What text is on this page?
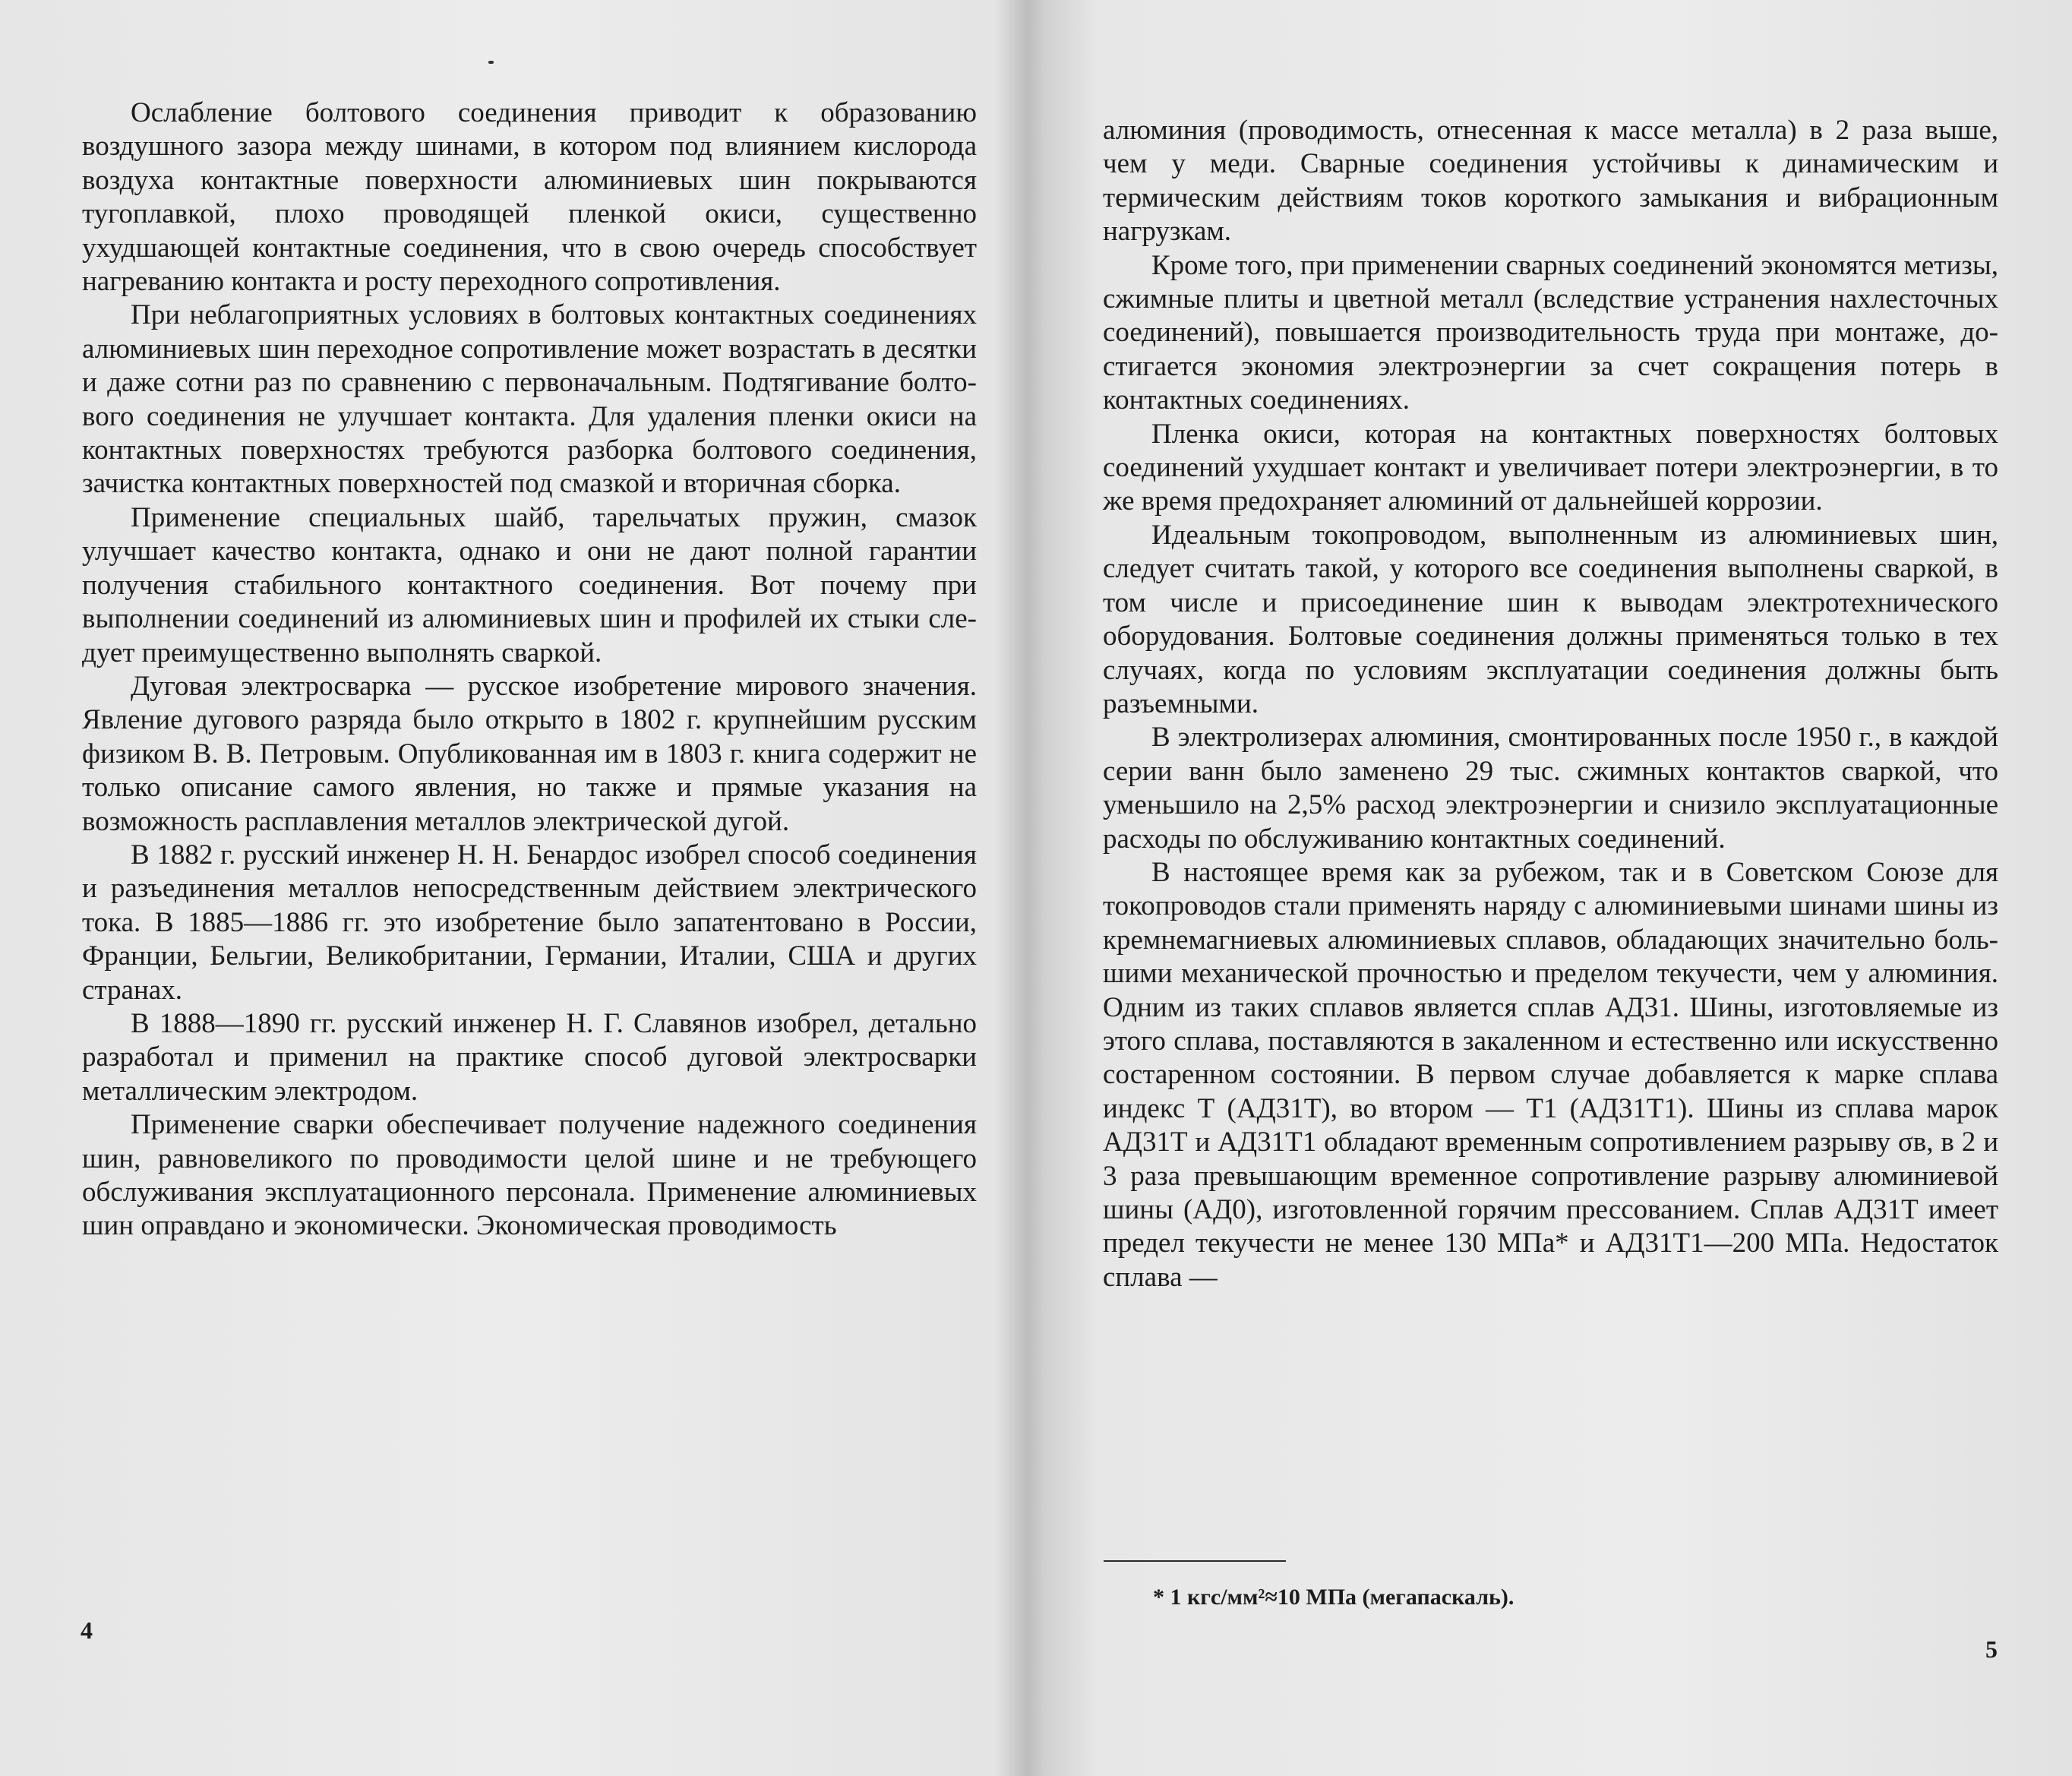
Ослабление болтового соединения приводит к образованию воздушного зазора между шинами, в котором под влиянием кислорода воздуха контактные поверхности алюминиевых шин покрываются тугоплавкой, плохо проводящей пленкой окиси, существенно ухудшающей контактные соединения, что в свою очередь способствует нагреванию контакта и росту переходного сопротивления.

При неблагоприятных условиях в болтовых контактных соединениях алюминиевых шин переходное сопротивление может возрастать в десятки и даже сотни раз по сравнению с первоначальным. Подтягивание болтового соединения не улучшает контакта. Для удаления пленки окиси на контактных поверхностях требуются разборка болтового соединения, зачистка контактных поверхностей под смазкой и вторичная сборка.

Применение специальных шайб, тарельчатых пружин, смазок улучшает качество контакта, однако и они не дают полной гарантии получения стабильного контактного соединения. Вот почему при выполнении соединений из алюминиевых шин и профилей их стыки следует преимущественно выполнять сваркой.

Дуговая электросварка — русское изобретение мирового значения. Явление дугового разряда было открыто в 1802 г. крупнейшим русским физиком В. В. Петровым. Опубликованная им в 1803 г. книга содержит не только описание самого явления, но также и прямые указания на возможность расплавления металлов электрической дугой.

В 1882 г. русский инженер Н. Н. Бенардос изобрел способ соединения и разъединения металлов непосредственным действием электрического тока. В 1885—1886 гг. это изобретение было запатентовано в России, Франции, Бельгии, Великобритании, Германии, Италии, США и других странах.

В 1888—1890 гг. русский инженер Н. Г. Славянов изобрел, детально разработал и применил на практике способ дуговой электросварки металлическим электродом.

Применение сварки обеспечивает получение надежного соединения шин, равновеликого по проводимости целой шине и не требующего обслуживания эксплуатационного персонала. Применение алюминиевых шин оправдано и экономически. Экономическая проводимость

4

алюминия (проводимость, отнесенная к массе металла) в 2 раза выше, чем у меди. Сварные соединения устойчивы к динамическим и термическим действиям токов короткого замыкания и вибрационным нагрузкам.

Кроме того, при применении сварных соединений экономятся метизы, сжимные плиты и цветной металл (вследствие устранения нахлесточных соединений), повышается производительность труда при монтаже, достигается экономия электроэнергии за счет сокращения потерь в контактных соединениях.

Пленка окиси, которая на контактных поверхностях болтовых соединений ухудшает контакт и увеличивает потери электроэнергии, в то же время предохраняет алюминий от дальнейшей коррозии.

Идеальным токопроводом, выполненным из алюминиевых шин, следует считать такой, у которого все соединения выполнены сваркой, в том числе и присоединение шин к выводам электротехнического оборудования. Болтовые соединения должны применяться только в тех случаях, когда по условиям эксплуатации соединения должны быть разъемными.

В электролизерах алюминия, смонтированных после 1950 г., в каждой серии ванн было заменено 29 тыс. сжимных контактов сваркой, что уменьшило на 2,5% расход электроэнергии и снизило эксплуатационные расходы по обслуживанию контактных соединений.

В настоящее время как за рубежом, так и в Советском Союзе для токопроводов стали применять наряду с алюминиевыми шинами шины из кремнемагниевых алюминиевых сплавов, обладающих значительно большими механической прочностью и пределом текучести, чем у алюминия. Одним из таких сплавов является сплав АД31. Шины, изготовляемые из этого сплава, поставляются в закаленном и естественно или искусственно состаренном состоянии. В первом случае добавляется к марке сплава индекс Т (АД31Т), во втором — Т1 (АД31Т1). Шины из сплава марок АД31Т и АД31Т1 обладают временным сопротивлением разрыву σв, в 2 и 3 раза превышающим временное сопротивление разрыву алюминиевой шины (АД0), изготовленной горячим прессованием. Сплав АД31Т имеет предел текучести не менее 130 МПа* и АД31Т1—200 МПа. Недостаток сплава —

* 1 кгс/мм²≈10 МПа (мегапаскаль).
5
